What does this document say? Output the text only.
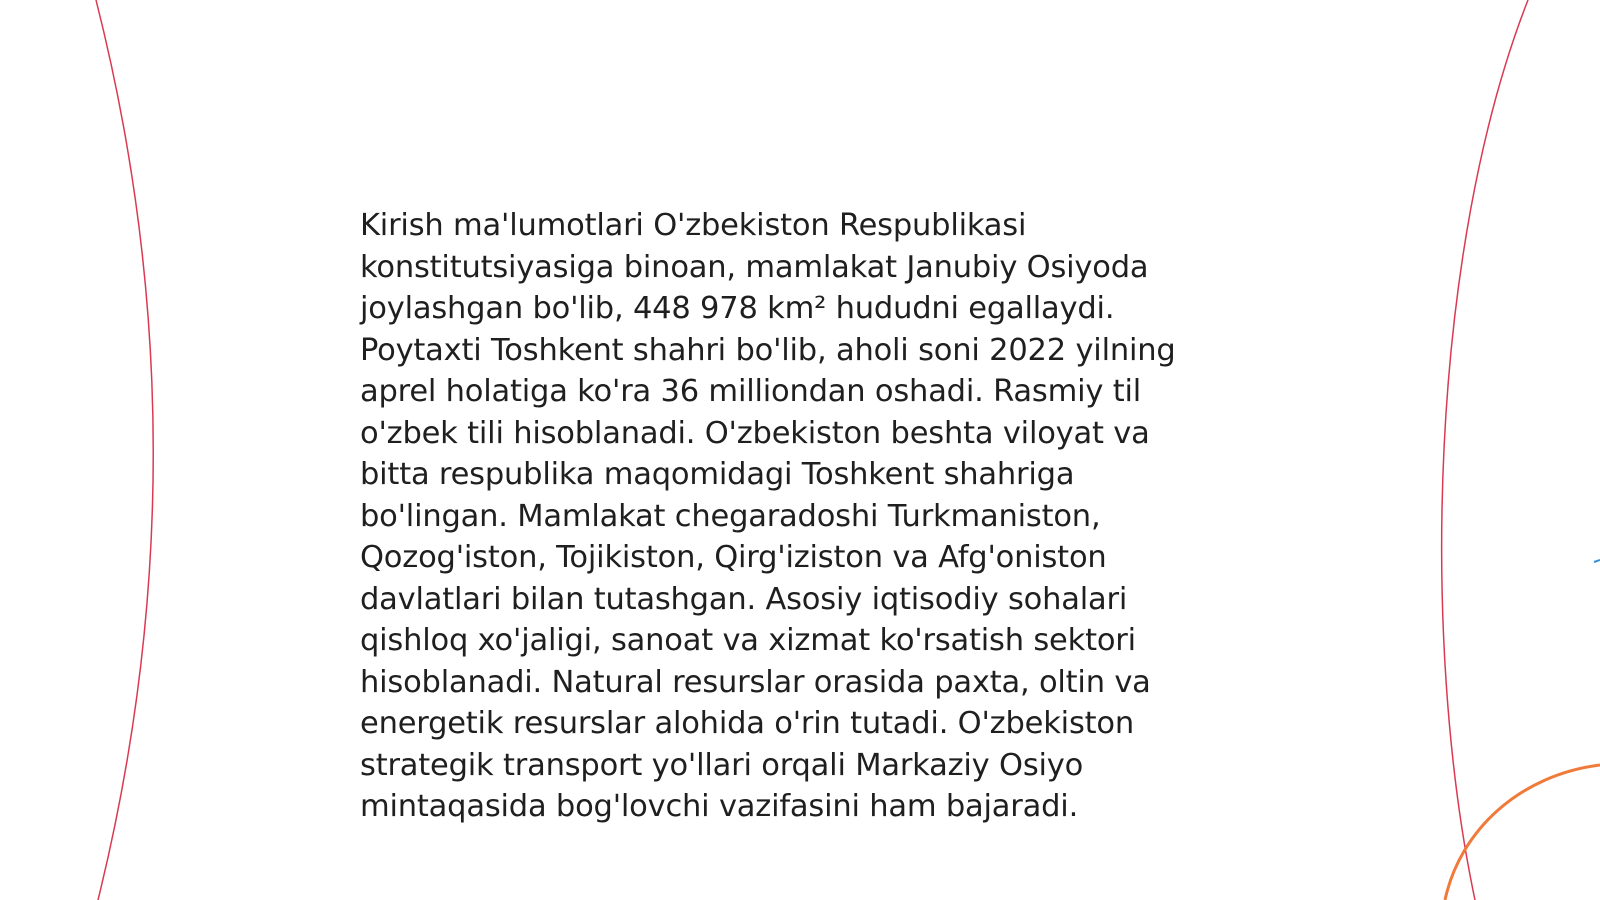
Kirish ma'lumotlari O'zbekiston Respublikasi
konstitutsiyasiga binoan, mamlakat Janubiy Osiyoda
joylashgan bo'lib, 448 978 km² hududni egallaydi.
Poytaxti Toshkent shahri bo'lib, aholi soni 2022 yilning
aprel holatiga ko'ra 36 milliondan oshadi. Rasmiy til
o'zbek tili hisoblanadi. O'zbekiston beshta viloyat va
bitta respublika maqomidagi Toshkent shahriga
bo'lingan. Mamlakat chegaradoshi Turkmaniston,
Qozog'iston, Tojikiston, Qirg'iziston va Afg'oniston
davlatlari bilan tutashgan. Asosiy iqtisodiy sohalari
qishloq xo'jaligi, sanoat va xizmat ko'rsatish sektori
hisoblanadi. Natural resurslar orasida paxta, oltin va
energetik resurslar alohida o'rin tutadi. O'zbekiston
strategik transport yo'llari orqali Markaziy Osiyo
mintaqasida bog'lovchi vazifasini ham bajaradi.
